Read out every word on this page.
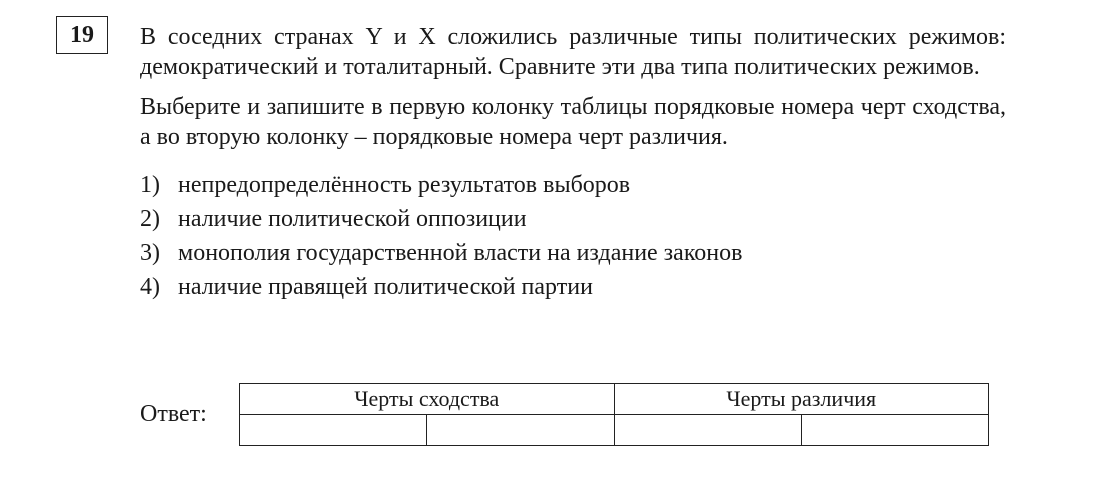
19	В соседних странах Y и X сложились различные типы политических режимов: демократический и тоталитарный. Сравните эти два типа политических режимов.

Выберите и запишите в первую колонку таблицы порядковые номера черт сходства, а во вторую колонку – порядковые номера черт различия.

1) непредопределённость результатов выборов
2) наличие политической оппозиции
3) монополия государственной власти на издание законов
4) наличие правящей политической партии
Ответ:
Черты сходства		Черты различия	
